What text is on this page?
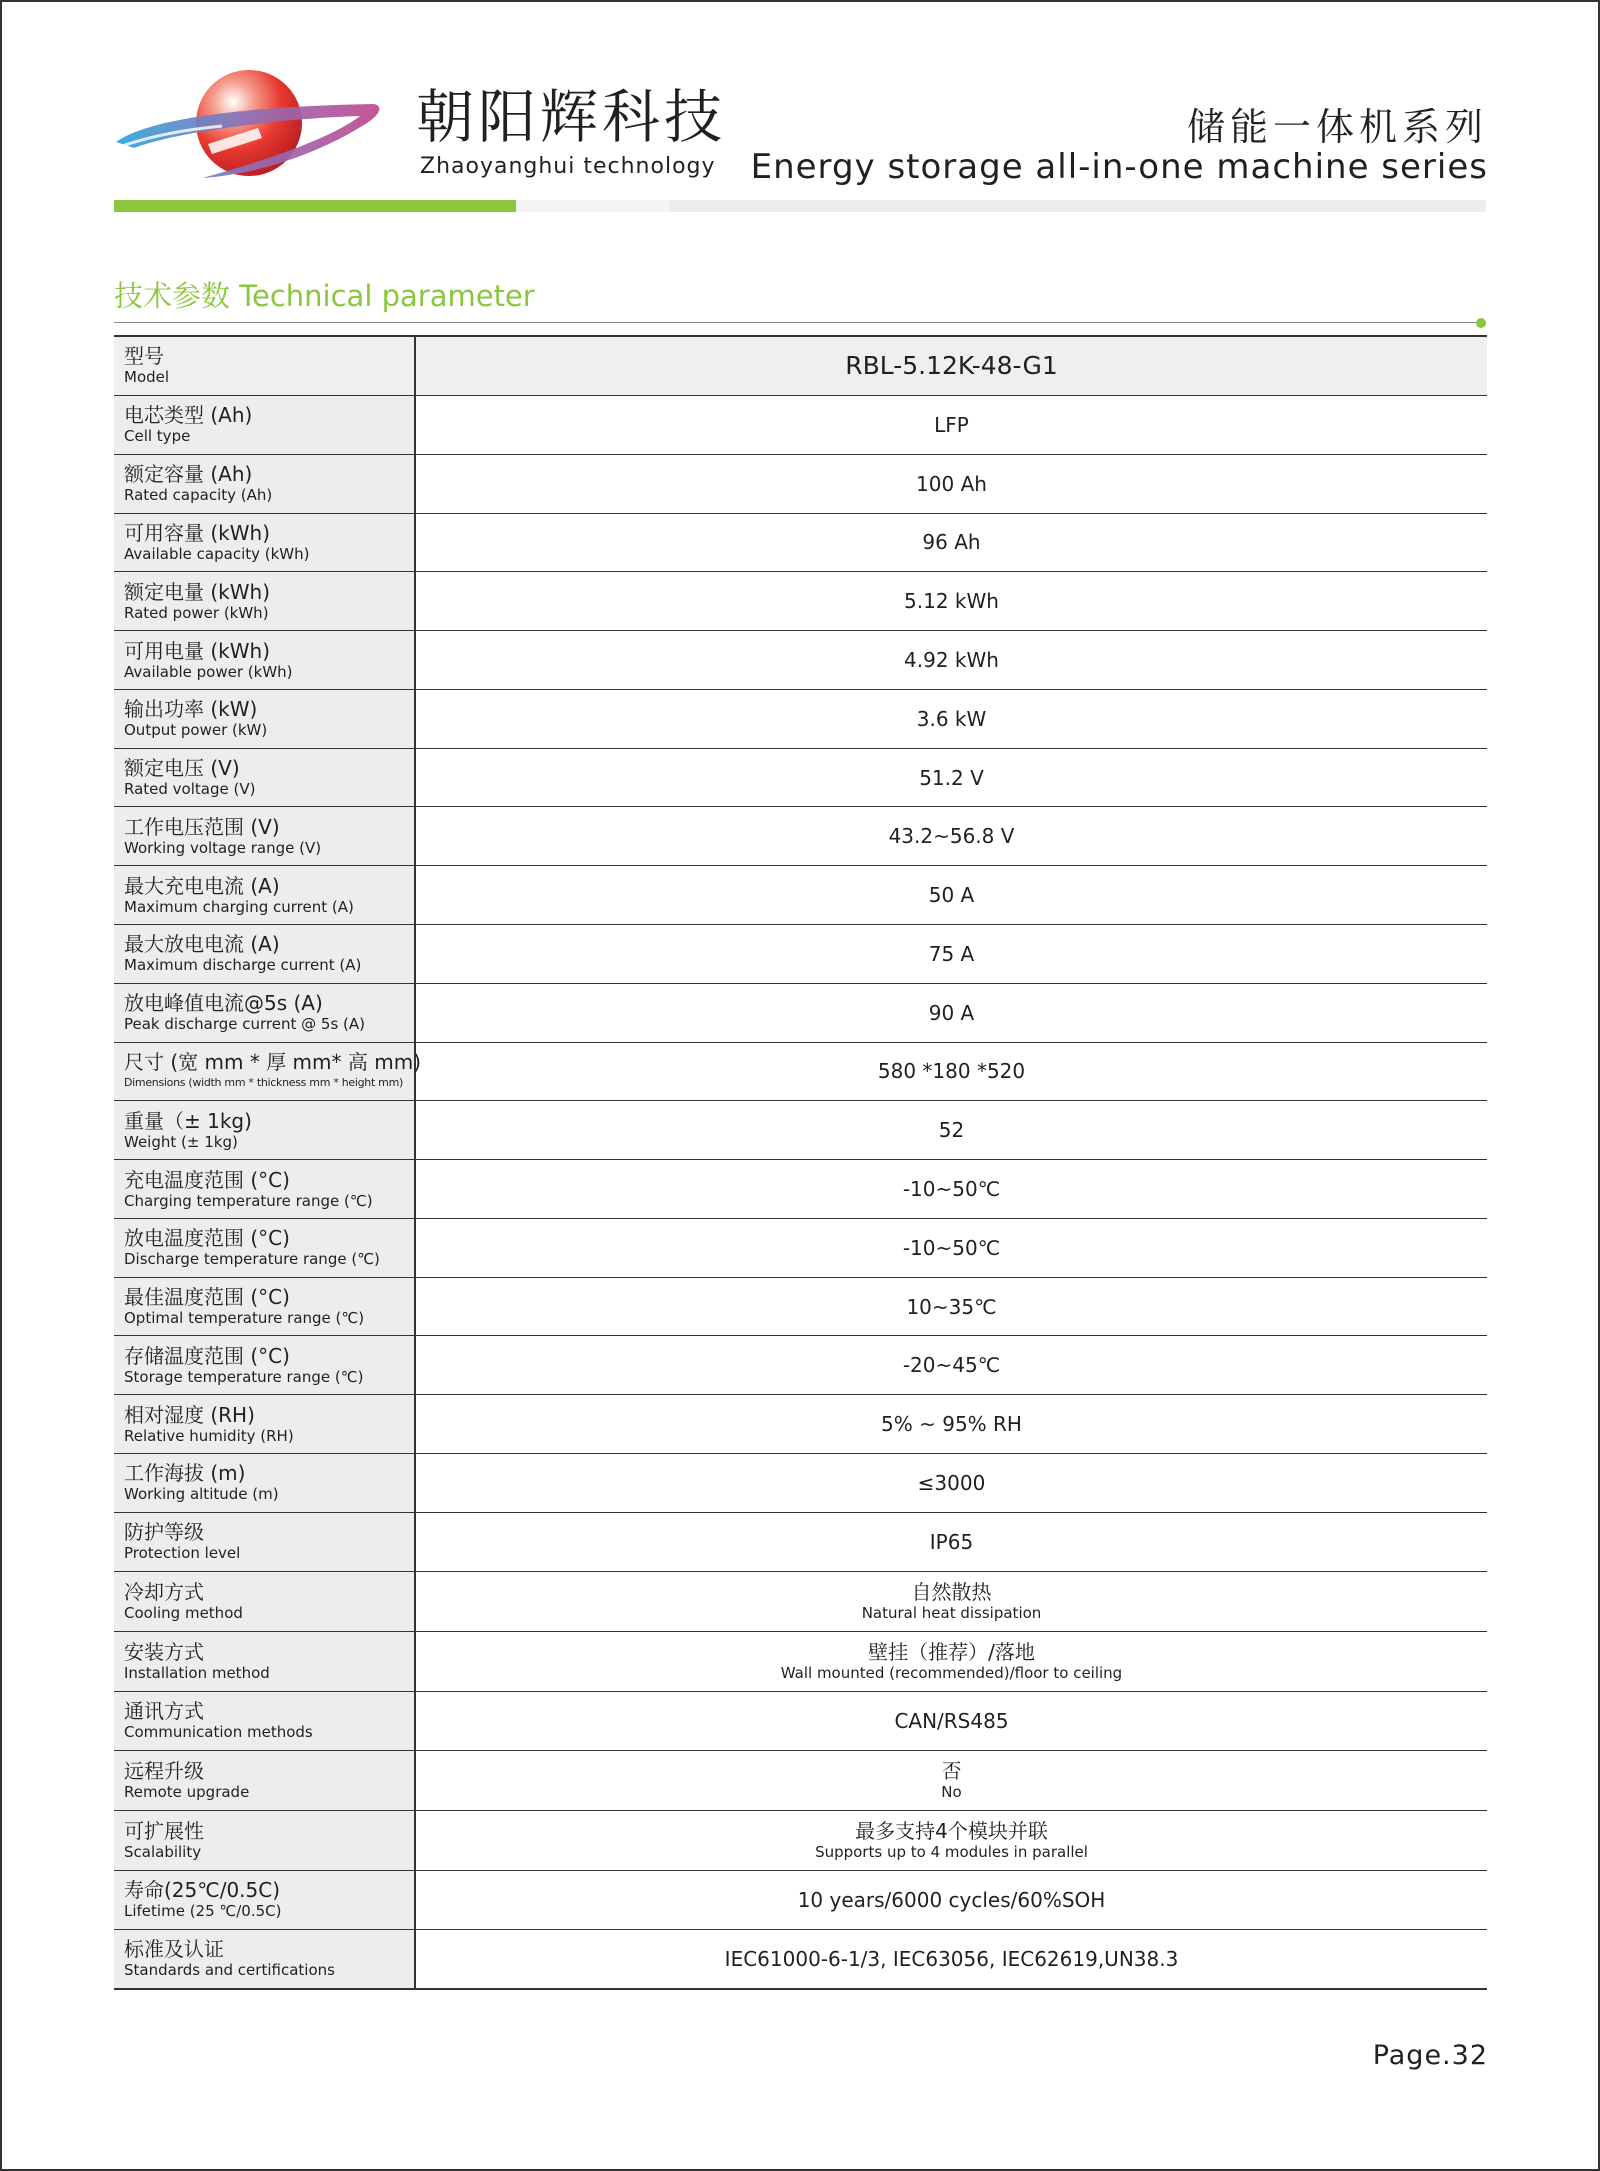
朝阳辉科技
Zhaoyanghui technology
储能一体机系列
Energy storage all-in-one machine series
技术参数 Technical parameter
型号
Model	RBL-5.12K-48-G1

电芯类型 (Ah)
Cell type	LFP

额定容量 (Ah)
Rated capacity (Ah)	100 Ah

可用容量 (kWh)
Available capacity (kWh)	96 Ah

额定电量 (kWh)
Rated power (kWh)	5.12 kWh

可用电量 (kWh)
Available power (kWh)	4.92 kWh

输出功率 (kW)
Output power (kW)	3.6 kW

额定电压 (V)
Rated voltage (V)	51.2 V

工作电压范围 (V)
Working voltage range (V)	43.2~56.8 V

最大充电电流 (A)
Maximum charging current (A)	50 A

最大放电电流 (A)
Maximum discharge current (A)	75 A

放电峰值电流@5s (A)
Peak discharge current @ 5s (A)	90 A

尺寸 (宽 mm * 厚 mm* 高 mm)
Dimensions (width mm * thickness mm * height mm)	580 *180 *520

重量（± 1kg)
Weight (± 1kg)	52

充电温度范围 (°C)
Charging temperature range (℃)	-10~50℃

放电温度范围 (°C)
Discharge temperature range (℃)	-10~50℃

最佳温度范围 (°C)
Optimal temperature range (℃)	10~35℃

存储温度范围 (°C)
Storage temperature range (℃)	-20~45℃

相对湿度 (RH)
Relative humidity (RH)	5% ~ 95% RH

工作海拔 (m)
Working altitude (m)	≤3000

防护等级
Protection level	IP65

冷却方式
Cooling method	自然散热
Natural heat dissipation

安装方式
Installation method	壁挂（推荐）/落地
Wall mounted (recommended)/floor to ceiling

通讯方式
Communication methods	CAN/RS485

远程升级
Remote upgrade	否
No

可扩展性
Scalability	最多支持4个模块并联
Supports up to 4 modules in parallel

寿命(25℃/0.5C)
Lifetime (25 ℃/0.5C)	10 years/6000 cycles/60%SOH

标准及认证
Standards and certifications	IEC61000-6-1/3, IEC63056, IEC62619,UN38.3
Page.32
